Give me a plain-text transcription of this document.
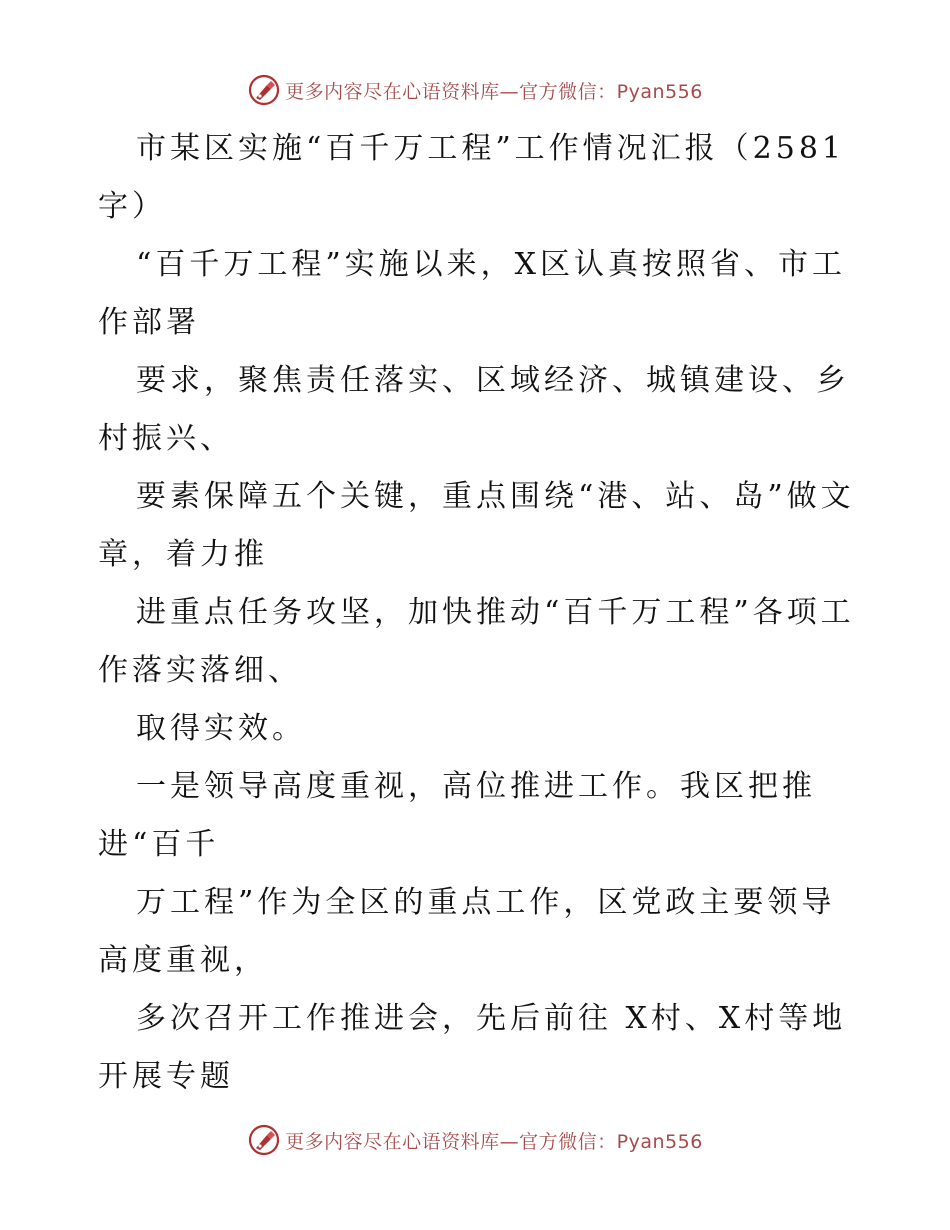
更多内容尽在心语资料库—官方微信：Pyan556

市某区实施“百千万工程”工作情况汇报（2581字）

“百千万工程”实施以来，X区认真按照省、市工作部署

要求，聚焦责任落实、区域经济、城镇建设、乡村振兴、

要素保障五个关键，重点围绕“港、站、岛”做文章，着力推

进重点任务攻坚，加快推动“百千万工程”各项工作落实落细、

取得实效。

一是领导高度重视，高位推进工作。我区把推进“百千

万工程”作为全区的重点工作，区党政主要领导高度重视，

多次召开工作推进会，先后前往 X村、X村等地开展专题

更多内容尽在心语资料库—官方微信：Pyan556
